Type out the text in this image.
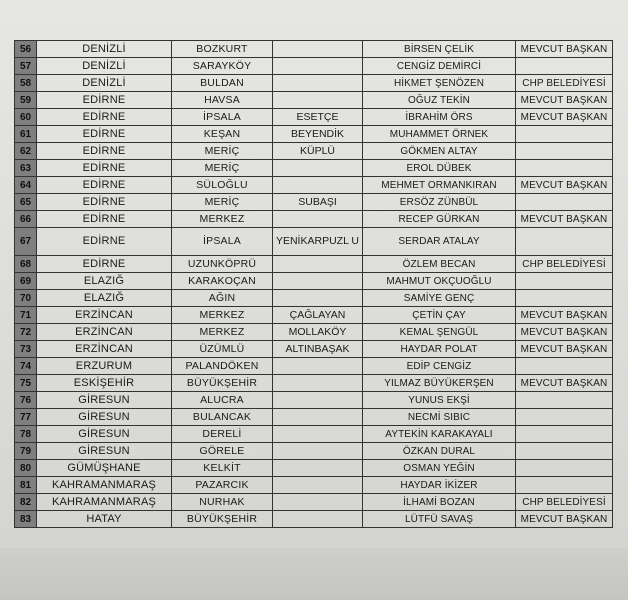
56	DENİZLİ	BOZKURT		BİRSEN ÇELİK	MEVCUT BAŞKAN
57	DENİZLİ	SARAYKÖY		CENGİZ DEMİRCİ	
58	DENİZLİ	BULDAN		HİKMET ŞENÖZEN	CHP BELEDİYESİ
59	EDİRNE	HAVSA		OĞUZ TEKİN	MEVCUT BAŞKAN
60	EDİRNE	İPSALA	ESETÇE	İBRAHİM ÖRS	MEVCUT BAŞKAN
61	EDİRNE	KEŞAN	BEYENDİK	MUHAMMET ÖRNEK	
62	EDİRNE	MERİÇ	KÜPLÜ	GÖKMEN ALTAY	
63	EDİRNE	MERİÇ		EROL DÜBEK	
64	EDİRNE	SÜLOĞLU		MEHMET ORMANKIRAN	MEVCUT BAŞKAN
65	EDİRNE	MERİÇ	SUBAŞI	ERSÖZ ZÜNBÜL	
66	EDİRNE	MERKEZ		RECEP GÜRKAN	MEVCUT BAŞKAN
67	EDİRNE	İPSALA	YENİKARPUZL U	SERDAR ATALAY	
68	EDİRNE	UZUNKÖPRÜ		ÖZLEM BECAN	CHP BELEDİYESİ
69	ELAZIĞ	KARAKOÇAN		MAHMUT OKÇUOĞLU	
70	ELAZIĞ	AĞIN		SAMİYE GENÇ	
71	ERZİNCAN	MERKEZ	ÇAĞLAYAN	ÇETİN ÇAY	MEVCUT BAŞKAN
72	ERZİNCAN	MERKEZ	MOLLAKÖY	KEMAL ŞENGÜL	MEVCUT BAŞKAN
73	ERZİNCAN	ÜZÜMLÜ	ALTINBAŞAK	HAYDAR POLAT	MEVCUT BAŞKAN
74	ERZURUM	PALANDÖKEN		EDİP CENGİZ	
75	ESKİŞEHİR	BÜYÜKŞEHİR		YILMAZ BÜYÜKERŞEN	MEVCUT BAŞKAN
76	GİRESUN	ALUCRA		YUNUS EKŞİ	
77	GİRESUN	BULANCAK		NECMİ SIBIC	
78	GİRESUN	DERELİ		AYTEKİN KARAKAYALI	
79	GİRESUN	GÖRELE		ÖZKAN DURAL	
80	GÜMÜŞHANE	KELKİT		OSMAN YEĞİN	
81	KAHRAMANMARAŞ	PAZARCIK		HAYDAR İKİZER	
82	KAHRAMANMARAŞ	NURHAK		İLHAMİ BOZAN	CHP BELEDİYESİ
83	HATAY	BÜYÜKŞEHİR		LÜTFÜ SAVAŞ	MEVCUT BAŞKAN
